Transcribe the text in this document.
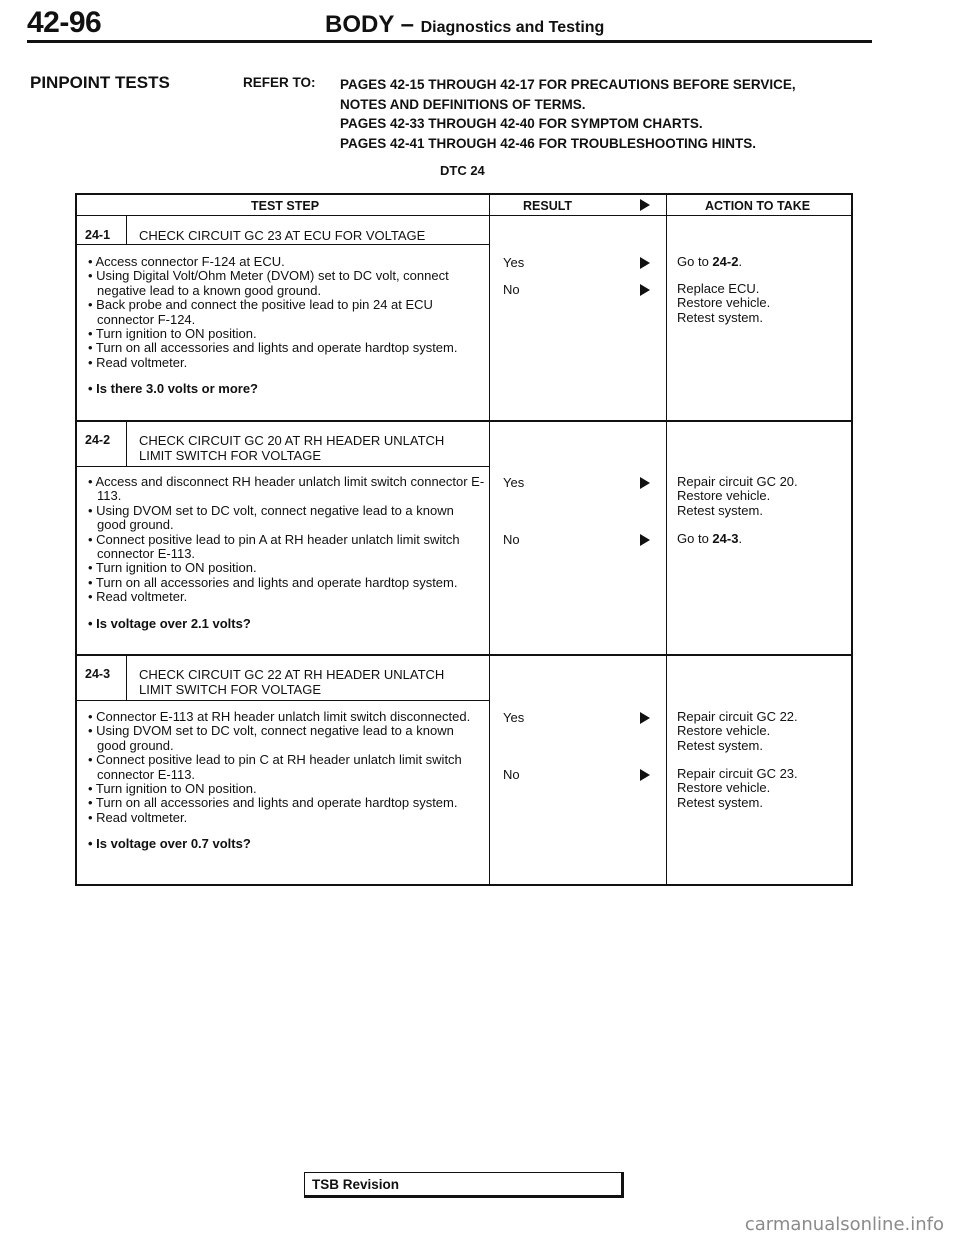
42-96	BODY – Diagnostics and Testing
PINPOINT TESTS	REFER TO: PAGES 42-15 THROUGH 42-17 FOR PRECAUTIONS BEFORE SERVICE,
NOTES AND DEFINITIONS OF TERMS.
PAGES 42-33 THROUGH 42-40 FOR SYMPTOM CHARTS.
PAGES 42-41 THROUGH 42-46 FOR TROUBLESHOOTING HINTS.
DTC 24
TEST STEP	RESULT	ACTION TO TAKE
24-1 CHECK CIRCUIT GC 23 AT ECU FOR VOLTAGE
• Access connector F-124 at ECU.
• Using Digital Volt/Ohm Meter (DVOM) set to DC volt, connect negative lead to a known good ground.
• Back probe and connect the positive lead to pin 24 at ECU connector F-124.
• Turn ignition to ON position.
• Turn on all accessories and lights and operate hardtop system.
• Read voltmeter.
• Is there 3.0 volts or more?
Yes	Go to 24-2.
No	Replace ECU.
Restore vehicle.
Retest system.
24-2 CHECK CIRCUIT GC 20 AT RH HEADER UNLATCH
LIMIT SWITCH FOR VOLTAGE
• Access and disconnect RH header unlatch limit switch connector E-113.
• Using DVOM set to DC volt, connect negative lead to a known good ground.
• Connect positive lead to pin A at RH header unlatch limit switch connector E-113.
• Turn ignition to ON position.
• Turn on all accessories and lights and operate hardtop system.
• Read voltmeter.
• Is voltage over 2.1 volts?
Yes	Repair circuit GC 20.
Restore vehicle.
Retest system.
No	Go to 24-3.
24-3 CHECK CIRCUIT GC 22 AT RH HEADER UNLATCH
LIMIT SWITCH FOR VOLTAGE
• Connector E-113 at RH header unlatch limit switch disconnected.
• Using DVOM set to DC volt, connect negative lead to a known good ground.
• Connect positive lead to pin C at RH header unlatch limit switch connector E-113.
• Turn ignition to ON position.
• Turn on all accessories and lights and operate hardtop system.
• Read voltmeter.
• Is voltage over 0.7 volts?
Yes	Repair circuit GC 22.
Restore vehicle.
Retest system.
No	Repair circuit GC 23.
Restore vehicle.
Retest system.
TSB Revision
carmanualsonline.info
